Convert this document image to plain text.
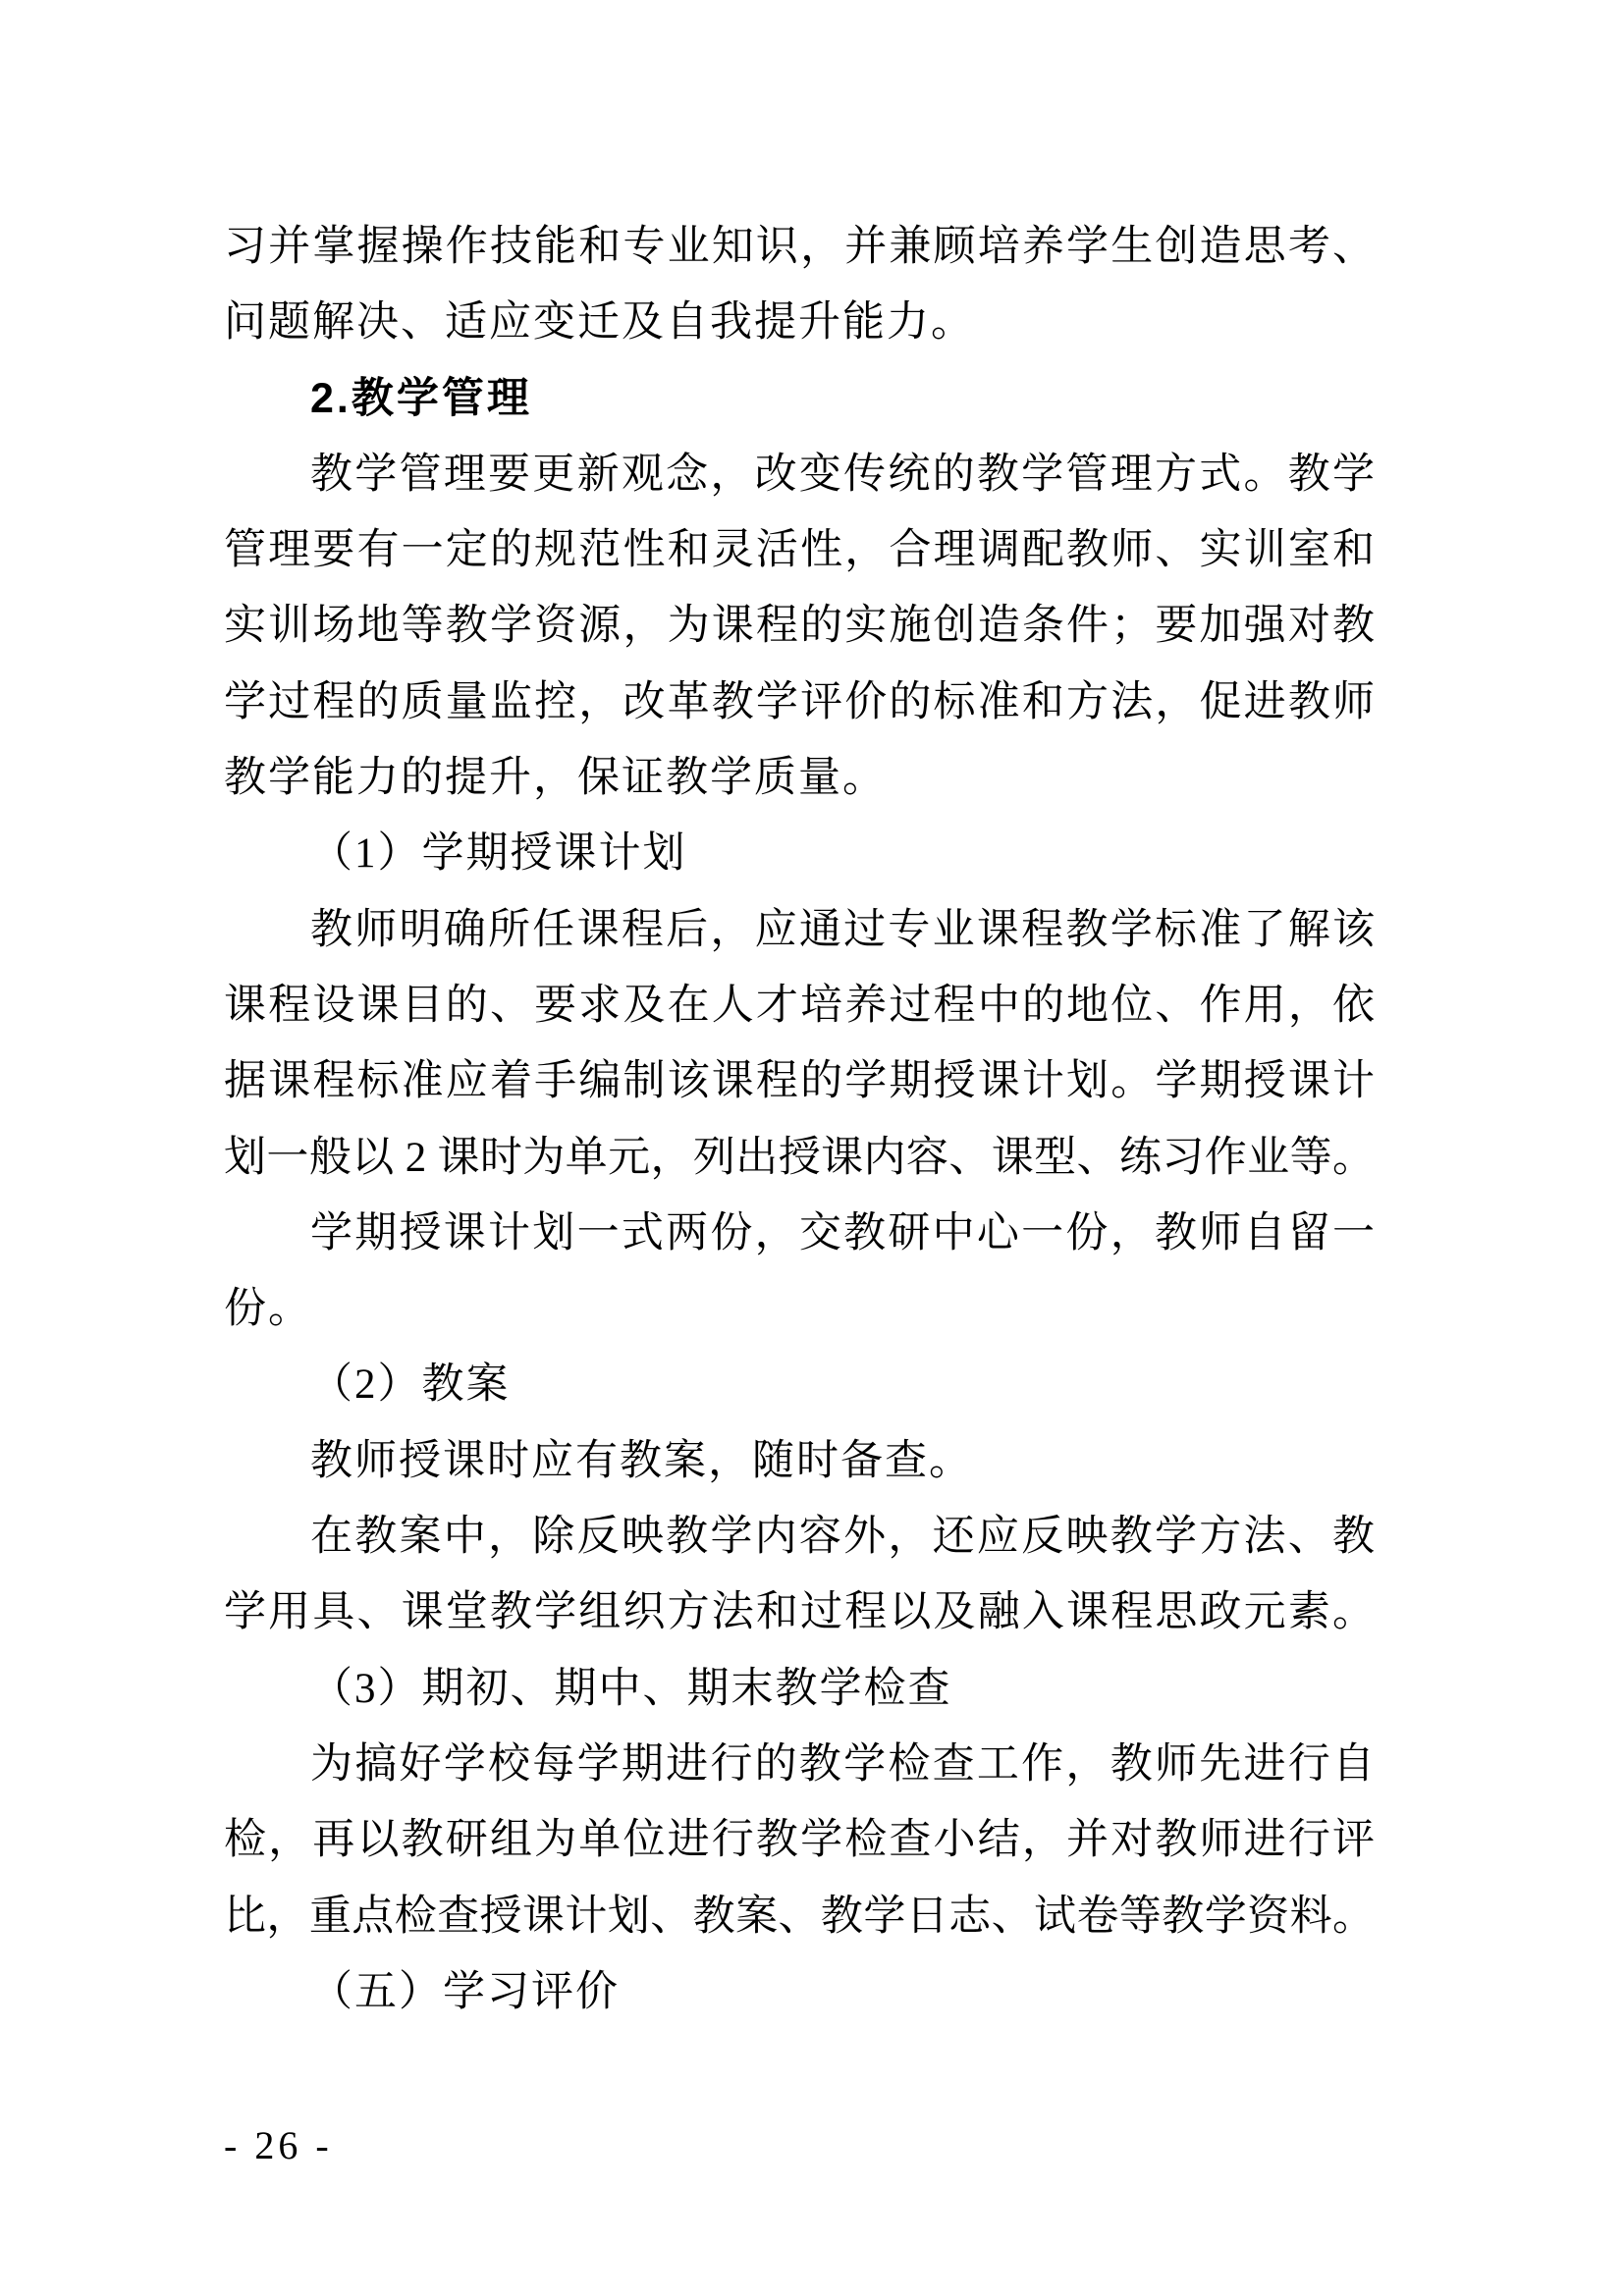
习并掌握操作技能和专业知识，并兼顾培养学生创造思考、
问题解决、适应变迁及自我提升能力。
2.教学管理
教学管理要更新观念，改变传统的教学管理方式。教学
管理要有一定的规范性和灵活性，合理调配教师、实训室和
实训场地等教学资源，为课程的实施创造条件；要加强对教
学过程的质量监控，改革教学评价的标准和方法，促进教师
教学能力的提升，保证教学质量。
（1）学期授课计划
教师明确所任课程后，应通过专业课程教学标准了解该
课程设课目的、要求及在人才培养过程中的地位、作用，依
据课程标准应着手编制该课程的学期授课计划。学期授课计
划一般以 2 课时为单元，列出授课内容、课型、练习作业等。
学期授课计划一式两份，交教研中心一份，教师自留一
份。
（2）教案
教师授课时应有教案，随时备查。
在教案中，除反映教学内容外，还应反映教学方法、教
学用具、课堂教学组织方法和过程以及融入课程思政元素。
（3）期初、期中、期末教学检查
为搞好学校每学期进行的教学检查工作，教师先进行自
检，再以教研组为单位进行教学检查小结，并对教师进行评
比，重点检查授课计划、教案、教学日志、试卷等教学资料。
（五）学习评价
- 26 -
